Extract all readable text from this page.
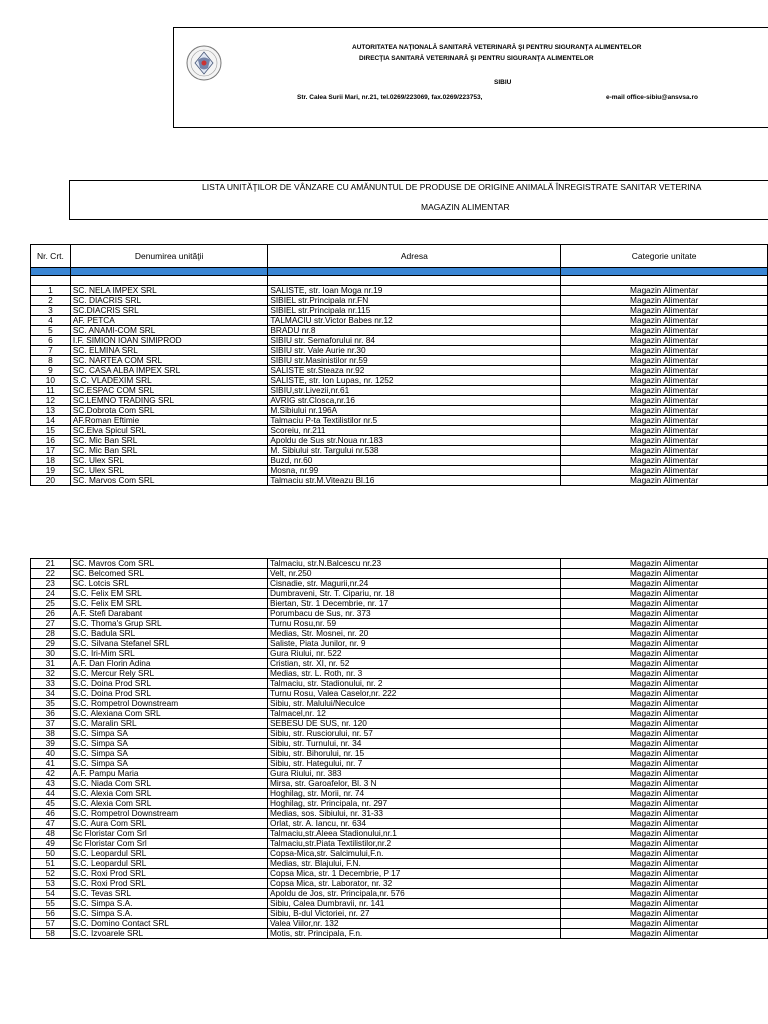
AUTORITATEA NAŢIONALĂ SANITARĂ VETERINARĂ ŞI PENTRU SIGURANŢA ALIMENTELOR
DIRECŢIA SANITARĂ VETERINARĂ ŞI PENTRU SIGURANŢA ALIMENTELOR
SIBIU
Str. Calea Surii Mari, nr.21, tel.0269/223069, fax.0269/223753,	e-mail office-sibiu@ansvsa.ro
LISTA UNITĂŢILOR DE VÂNZARE CU AMĂNUNTUL DE PRODUSE DE ORIGINE ANIMALĂ ÎNREGISTRATE SANITAR VETERINA
MAGAZIN ALIMENTAR
Nr. Crt.	Denumirea unităţii	Adresa	Categorie unitate

1	SC. NELA IMPEX SRL	SALISTE, str. Ioan Moga nr.19	Magazin Alimentar
2	SC. DIACRIS SRL	SIBIEL str.Principala nr.FN	Magazin Alimentar
3	SC.DIACRIS SRL	SIBIEL str.Principala nr.115	Magazin Alimentar
4	AF. PETCA	TALMACIU str.Victor Babes nr.12	Magazin Alimentar
5	SC. ANAMI-COM SRL	BRADU nr.8	Magazin Alimentar
6	I.F. SIMION IOAN SIMIPROD	SIBIU str. Semaforului nr. 84	Magazin Alimentar
7	SC. ELMINA SRL	SIBIU str. Vale Aurie nr.30	Magazin Alimentar
8	SC. NARTEA COM SRL	SIBIU str.Masinistilor nr.59	Magazin Alimentar
9	SC. CASA ALBA IMPEX SRL	SALISTE str.Steaza nr.92	Magazin Alimentar
10	S.C. VLADEXIM SRL	SALISTE, str. Ion Lupas, nr. 1252	Magazin Alimentar
11	SC.ESPAC COM SRL	SIBIU,str.Livezii,nr.61	Magazin Alimentar
12	SC.LEMNO TRADING SRL	AVRIG str.Closca,nr.16	Magazin Alimentar
13	SC.Dobrota Com SRL	M.Sibiului nr.196A	Magazin Alimentar
14	AF.Roman Eftimie	Talmaciu P-ta Textilistilor nr.5	Magazin Alimentar
15	SC.Elva Spicul SRL	Scoreiu, nr.211	Magazin Alimentar
16	SC. Mic Ban SRL	Apoldu de Sus str.Noua nr.183	Magazin Alimentar
17	SC. Mic Ban SRL	M. Sibiului str. Targului nr.538	Magazin Alimentar
18	SC. Ulex SRL	Buzd, nr.60	Magazin Alimentar
19	SC. Ulex SRL	Mosna, nr.99	Magazin Alimentar
20	SC. Marvos Com SRL	Talmaciu str.M.Viteazu Bl.16	Magazin Alimentar
21	SC. Mavros Com SRL	Talmaciu, str.N.Balcescu nr.23	Magazin Alimentar
22	SC. Belcomed SRL	Velt, nr.250	Magazin Alimentar
23	SC. Lotcis SRL	Cisnadie, str. Magurii,nr.24	Magazin Alimentar
24	S.C. Felix EM SRL	Dumbraveni, Str. T. Cipariu, nr. 18	Magazin Alimentar
25	S.C. Felix EM SRL	Biertan, Str. 1 Decembrie, nr. 17	Magazin Alimentar
26	A.F. Stefi Darabant	Porumbacu de Sus, nr. 373	Magazin Alimentar
27	S.C. Thoma's Grup SRL	Turnu Rosu,nr. 59	Magazin Alimentar
28	S.C. Badula SRL	Medias, Str. Mosnei, nr. 20	Magazin Alimentar
29	S.C. Silvana Stefanel SRL	Saliste, Piata Junilor, nr. 9	Magazin Alimentar
30	S.C. Iri-Mim SRL	Gura Riului, nr. 522	Magazin Alimentar
31	A.F. Dan Florin Adina	Cristian, str. XI, nr. 52	Magazin Alimentar
32	S.C. Mercur Rely SRL	Medias, str. L. Roth, nr. 3	Magazin Alimentar
33	S.C. Doina Prod SRL	Talmaciu, str. Stadionului, nr. 2	Magazin Alimentar
34	S.C. Doina Prod SRL	Turnu Rosu, Valea Caselor,nr. 222	Magazin Alimentar
35	S.C. Rompetrol Downstream	Sibiu, str. Malului/Neculce	Magazin Alimentar
36	S.C. Alexiana Com SRL	Talmacel,nr. 12	Magazin Alimentar
37	S.C. Maralin SRL	SEBESU DE SUS, nr. 120	Magazin Alimentar
38	S.C. Simpa SA	Sibiu, str. Rusciorului, nr. 57	Magazin Alimentar
39	S.C. Simpa SA	Sibiu, str. Turnului, nr. 34	Magazin Alimentar
40	S.C. Simpa SA	Sibiu, str. Bihorului, nr. 15	Magazin Alimentar
41	S.C. Simpa SA	Sibiu, str. Hategului, nr. 7	Magazin Alimentar
42	A.F. Pampu Maria	Gura Riului, nr. 383	Magazin Alimentar
43	S.C. Niada Com SRL	Mirsa, str. Garoafelor, Bl. 3 N	Magazin Alimentar
44	S.C. Alexia Com SRL	Hoghilag, str. Morii, nr. 74	Magazin Alimentar
45	S.C. Alexia Com SRL	Hoghilag, str. Principala, nr. 297	Magazin Alimentar
46	S.C. Rompetrol Downstream	Medias, sos. Sibiului, nr. 31-33	Magazin Alimentar
47	S.C. Aura Com SRL	Orlat, str. A. Iancu, nr. 634	Magazin Alimentar
48	Sc Floristar Com Srl	Talmaciu,str.Aleea Stadionului,nr.1	Magazin Alimentar
49	Sc Floristar Com Srl	Talmaciu,str.Piata Textilistilor,nr.2	Magazin Alimentar
50	S.C. Leopardul SRL	Copsa-Mica,str. Salcimului,F.n.	Magazin Alimentar
51	S.C. Leopardul SRL	Medias, str. Blajului, F.N.	Magazin Alimentar
52	S.C. Roxi Prod SRL	Copsa Mica, str. 1 Decembrie, P 17	Magazin Alimentar
53	S.C. Roxi Prod SRL	Copsa Mica, str. Laborator, nr. 32	Magazin Alimentar
54	S.C. Tevas SRL	Apoldu de Jos, str. Principala,nr. 576	Magazin Alimentar
55	S.C. Simpa S.A.	Sibiu, Calea Dumbravii, nr. 141	Magazin Alimentar
56	S.C. Simpa S.A.	Sibiu, B-dul Victoriei, nr. 27	Magazin Alimentar
57	S.C. Domino Contact SRL	Valea Viilor,nr. 132	Magazin Alimentar
58	S.C. Izvoarele SRL	Motis, str. Principala, F.n.	Magazin Alimentar
